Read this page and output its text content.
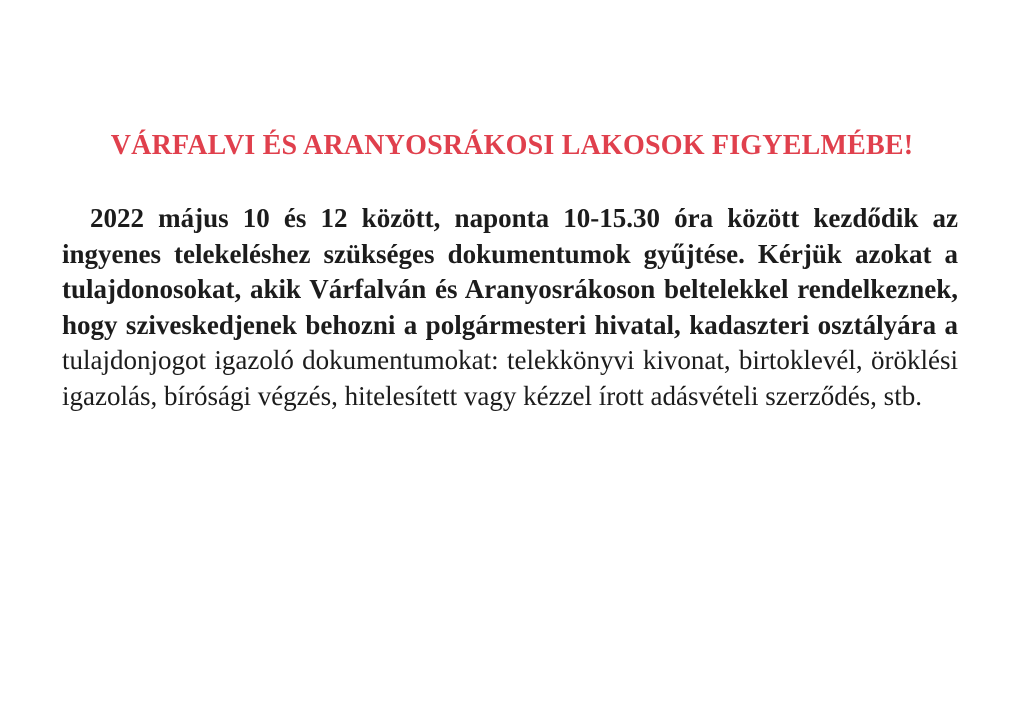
VÁRFALVI ÉS ARANYOSRÁKOSI LAKOSOK FIGYELMÉBE!
2022 május 10 és 12 között, naponta 10-15.30 óra között kezdődik az ingyenes telekeléshez szükséges dokumentumok gyűjtése. Kérjük azokat a tulajdonosokat, akik Várfalván és Aranyosrákoson beltelekkel rendelkeznek, hogy sziveskedjenek behozni a polgármesteri hivatal, kadaszteri osztályára a tulajdonjogot igazoló dokumentumokat: telekkönyvi kivonat, birtoklevél, öröklési igazolás, bírósági végzés, hitelesített vagy kézzel írott adásvételi szerződés, stb.
